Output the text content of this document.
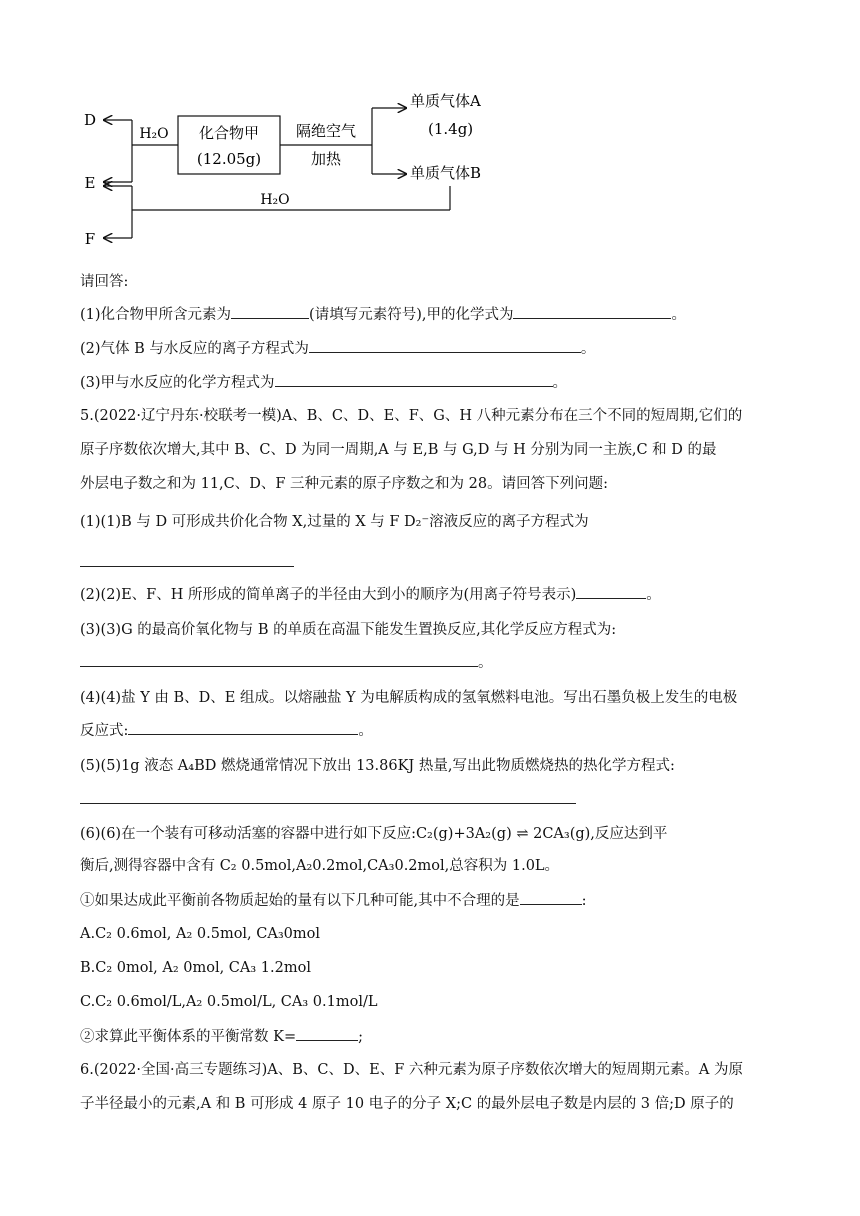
化合物甲
(12.05g)
H₂O
D
E
隔绝空气
加热
单质气体A
(1.4g)
单质气体B
H₂O
F
请回答:
(1)化合物甲所含元素为	(请填写元素符号),甲的化学式为	。
(2)气体 B 与水反应的离子方程式为	。
(3)甲与水反应的化学方程式为	。
5.(2022·辽宁丹东·校联考一模)A、B、C、D、E、F、G、H 八种元素分布在三个不同的短周期,它们的
原子序数依次增大,其中 B、C、D 为同一周期,A 与 E,B 与 G,D 与 H 分别为同一主族,C 和 D 的最
外层电子数之和为 11,C、D、F 三种元素的原子序数之和为 28。请回答下列问题:
(1)(1)B 与 D 可形成共价化合物 X,过量的 X 与 F D₂⁻溶液反应的离子方程式为
(2)(2)E、F、H 所形成的简单离子的半径由大到小的顺序为(用离子符号表示)	。
(3)(3)G 的最高价氧化物与 B 的单质在高温下能发生置换反应,其化学反应方程式为:
。
(4)(4)盐 Y 由 B、D、E 组成。以熔融盐 Y 为电解质构成的氢氧燃料电池。写出石墨负极上发生的电极
反应式:	。
(5)(5)1g 液态 A₄BD 燃烧通常情况下放出 13.86KJ 热量,写出此物质燃烧热的热化学方程式:
(6)(6)在一个装有可移动活塞的容器中进行如下反应:C₂(g)+3A₂(g) ⇌ 2CA₃(g),反应达到平
衡后,测得容器中含有 C₂ 0.5mol,A₂0.2mol,CA₃0.2mol,总容积为 1.0L。
①如果达成此平衡前各物质起始的量有以下几种可能,其中不合理的是	:
A.C₂ 0.6mol, A₂ 0.5mol, CA₃0mol
B.C₂ 0mol, A₂ 0mol, CA₃ 1.2mol
C.C₂ 0.6mol/L,A₂ 0.5mol/L, CA₃ 0.1mol/L
②求算此平衡体系的平衡常数 K=	;
6.(2022·全国·高三专题练习)A、B、C、D、E、F 六种元素为原子序数依次增大的短周期元素。A 为原
子半径最小的元素,A 和 B 可形成 4 原子 10 电子的分子 X;C 的最外层电子数是内层的 3 倍;D 原子的
